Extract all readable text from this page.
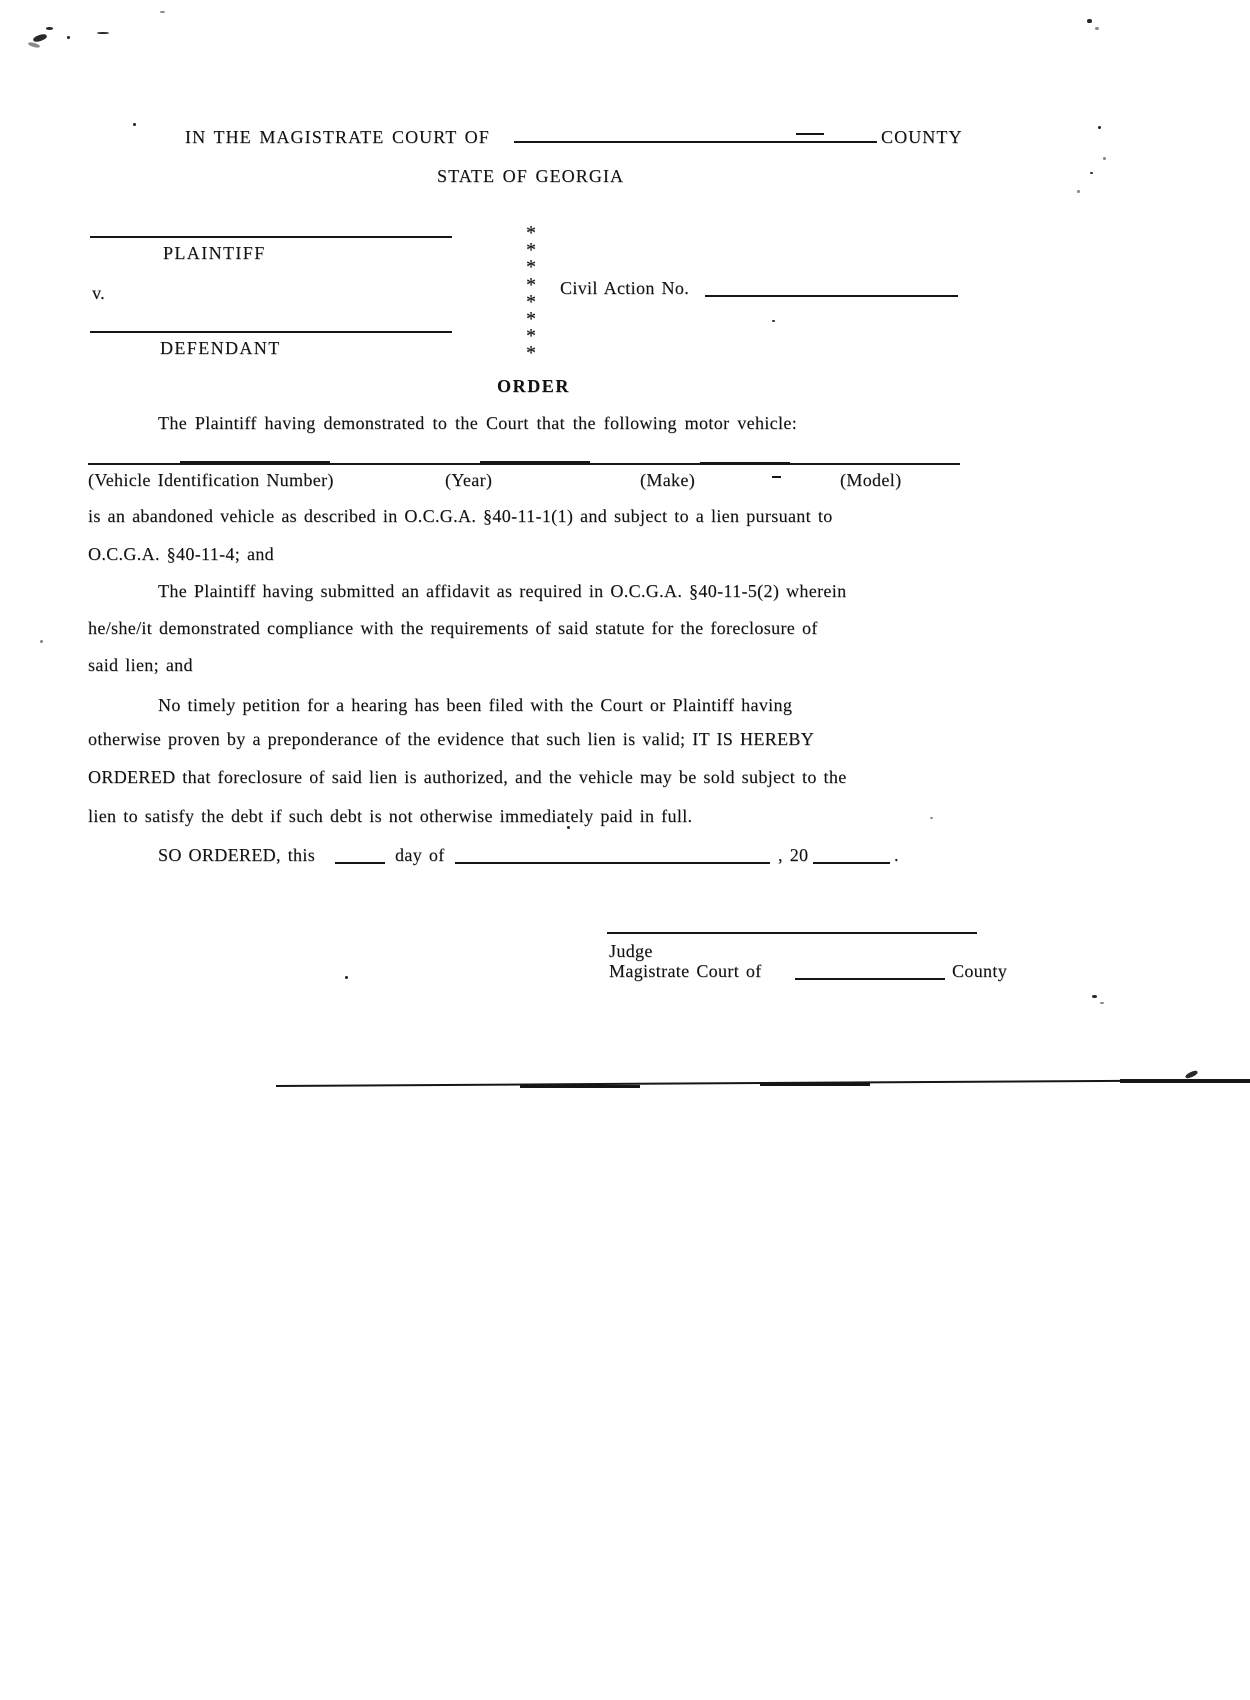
IN THE MAGISTRATE COURT OF	COUNTY
STATE OF GEORGIA
PLAINTIFF
v.
DEFENDANT
*
*
*
*
*
*
*
*
Civil Action No.
ORDER
The Plaintiff having demonstrated to the Court that the following motor vehicle:
(Vehicle Identification Number)	(Year)	(Make)	(Model)
is an abandoned vehicle as described in O.C.G.A. §40-11-1(1) and subject to a lien pursuant to
O.C.G.A. §40-11-4; and
The Plaintiff having submitted an affidavit as required in O.C.G.A. §40-11-5(2) wherein
he/she/it demonstrated compliance with the requirements of said statute for the foreclosure of
said lien; and
No timely petition for a hearing has been filed with the Court or Plaintiff having
otherwise proven by a preponderance of the evidence that such lien is valid; IT IS HEREBY
ORDERED that foreclosure of said lien is authorized, and the vehicle may be sold subject to the
lien to satisfy the debt if such debt is not otherwise immediately paid in full.
SO ORDERED, this	day of	, 20	.
Judge
Magistrate Court of	County
